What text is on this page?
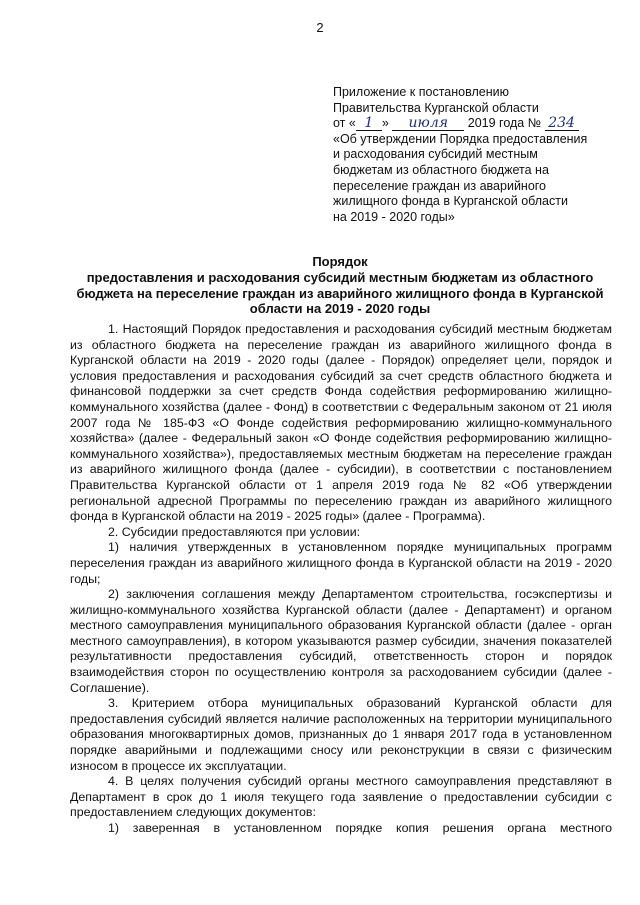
2
Приложение к постановлению
Правительства Курганской области
от « 1 » июля 2019 года № 234
«Об утверждении Порядка предоставления
и расходования субсидий местным
бюджетам из областного бюджета на
переселение граждан из аварийного
жилищного фонда в Курганской области
на 2019 - 2020 годы»
Порядок
предоставления и расходования субсидий местным бюджетам из областного бюджета на переселение граждан из аварийного жилищного фонда в Курганской области на 2019 - 2020 годы

1. Настоящий Порядок предоставления и расходования субсидий местным бюджетам из областного бюджета на переселение граждан из аварийного жилищного фонда в Курганской области на 2019 - 2020 годы (далее - Порядок) определяет цели, порядок и условия предоставления и расходования субсидий за счет средств областного бюджета и финансовой поддержки за счет средств Фонда содействия реформированию жилищно-коммунального хозяйства (далее - Фонд) в соответствии с Федеральным законом от 21 июля 2007 года № 185-ФЗ «О Фонде содействия реформированию жилищно-коммунального хозяйства» (далее - Федеральный закон «О Фонде содействия реформированию жилищно-коммунального хозяйства»), предоставляемых местным бюджетам на переселение граждан из аварийного жилищного фонда (далее - субсидии), в соответствии с постановлением Правительства Курганской области от 1 апреля 2019 года № 82 «Об утверждении региональной адресной Программы по переселению граждан из аварийного жилищного фонда в Курганской области на 2019 - 2025 годы» (далее - Программа).

2. Субсидии предоставляются при условии:

1) наличия утвержденных в установленном порядке муниципальных программ переселения граждан из аварийного жилищного фонда в Курганской области на 2019 - 2020 годы;

2) заключения соглашения между Департаментом строительства, госэкспертизы и жилищно-коммунального хозяйства Курганской области (далее - Департамент) и органом местного самоуправления муниципального образования Курганской области (далее - орган местного самоуправления), в котором указываются размер субсидии, значения показателей результативности предоставления субсидий, ответственность сторон и порядок взаимодействия сторон по осуществлению контроля за расходованием субсидии (далее - Соглашение).

3. Критерием отбора муниципальных образований Курганской области для предоставления субсидий является наличие расположенных на территории муниципального образования многоквартирных домов, признанных до 1 января 2017 года в установленном порядке аварийными и подлежащими сносу или реконструкции в связи с физическим износом в процессе их эксплуатации.

4. В целях получения субсидий органы местного самоуправления представляют в Департамент в срок до 1 июля текущего года заявление о предоставлении субсидии с предоставлением следующих документов:

1) заверенная в установленном порядке копия решения органа местного
